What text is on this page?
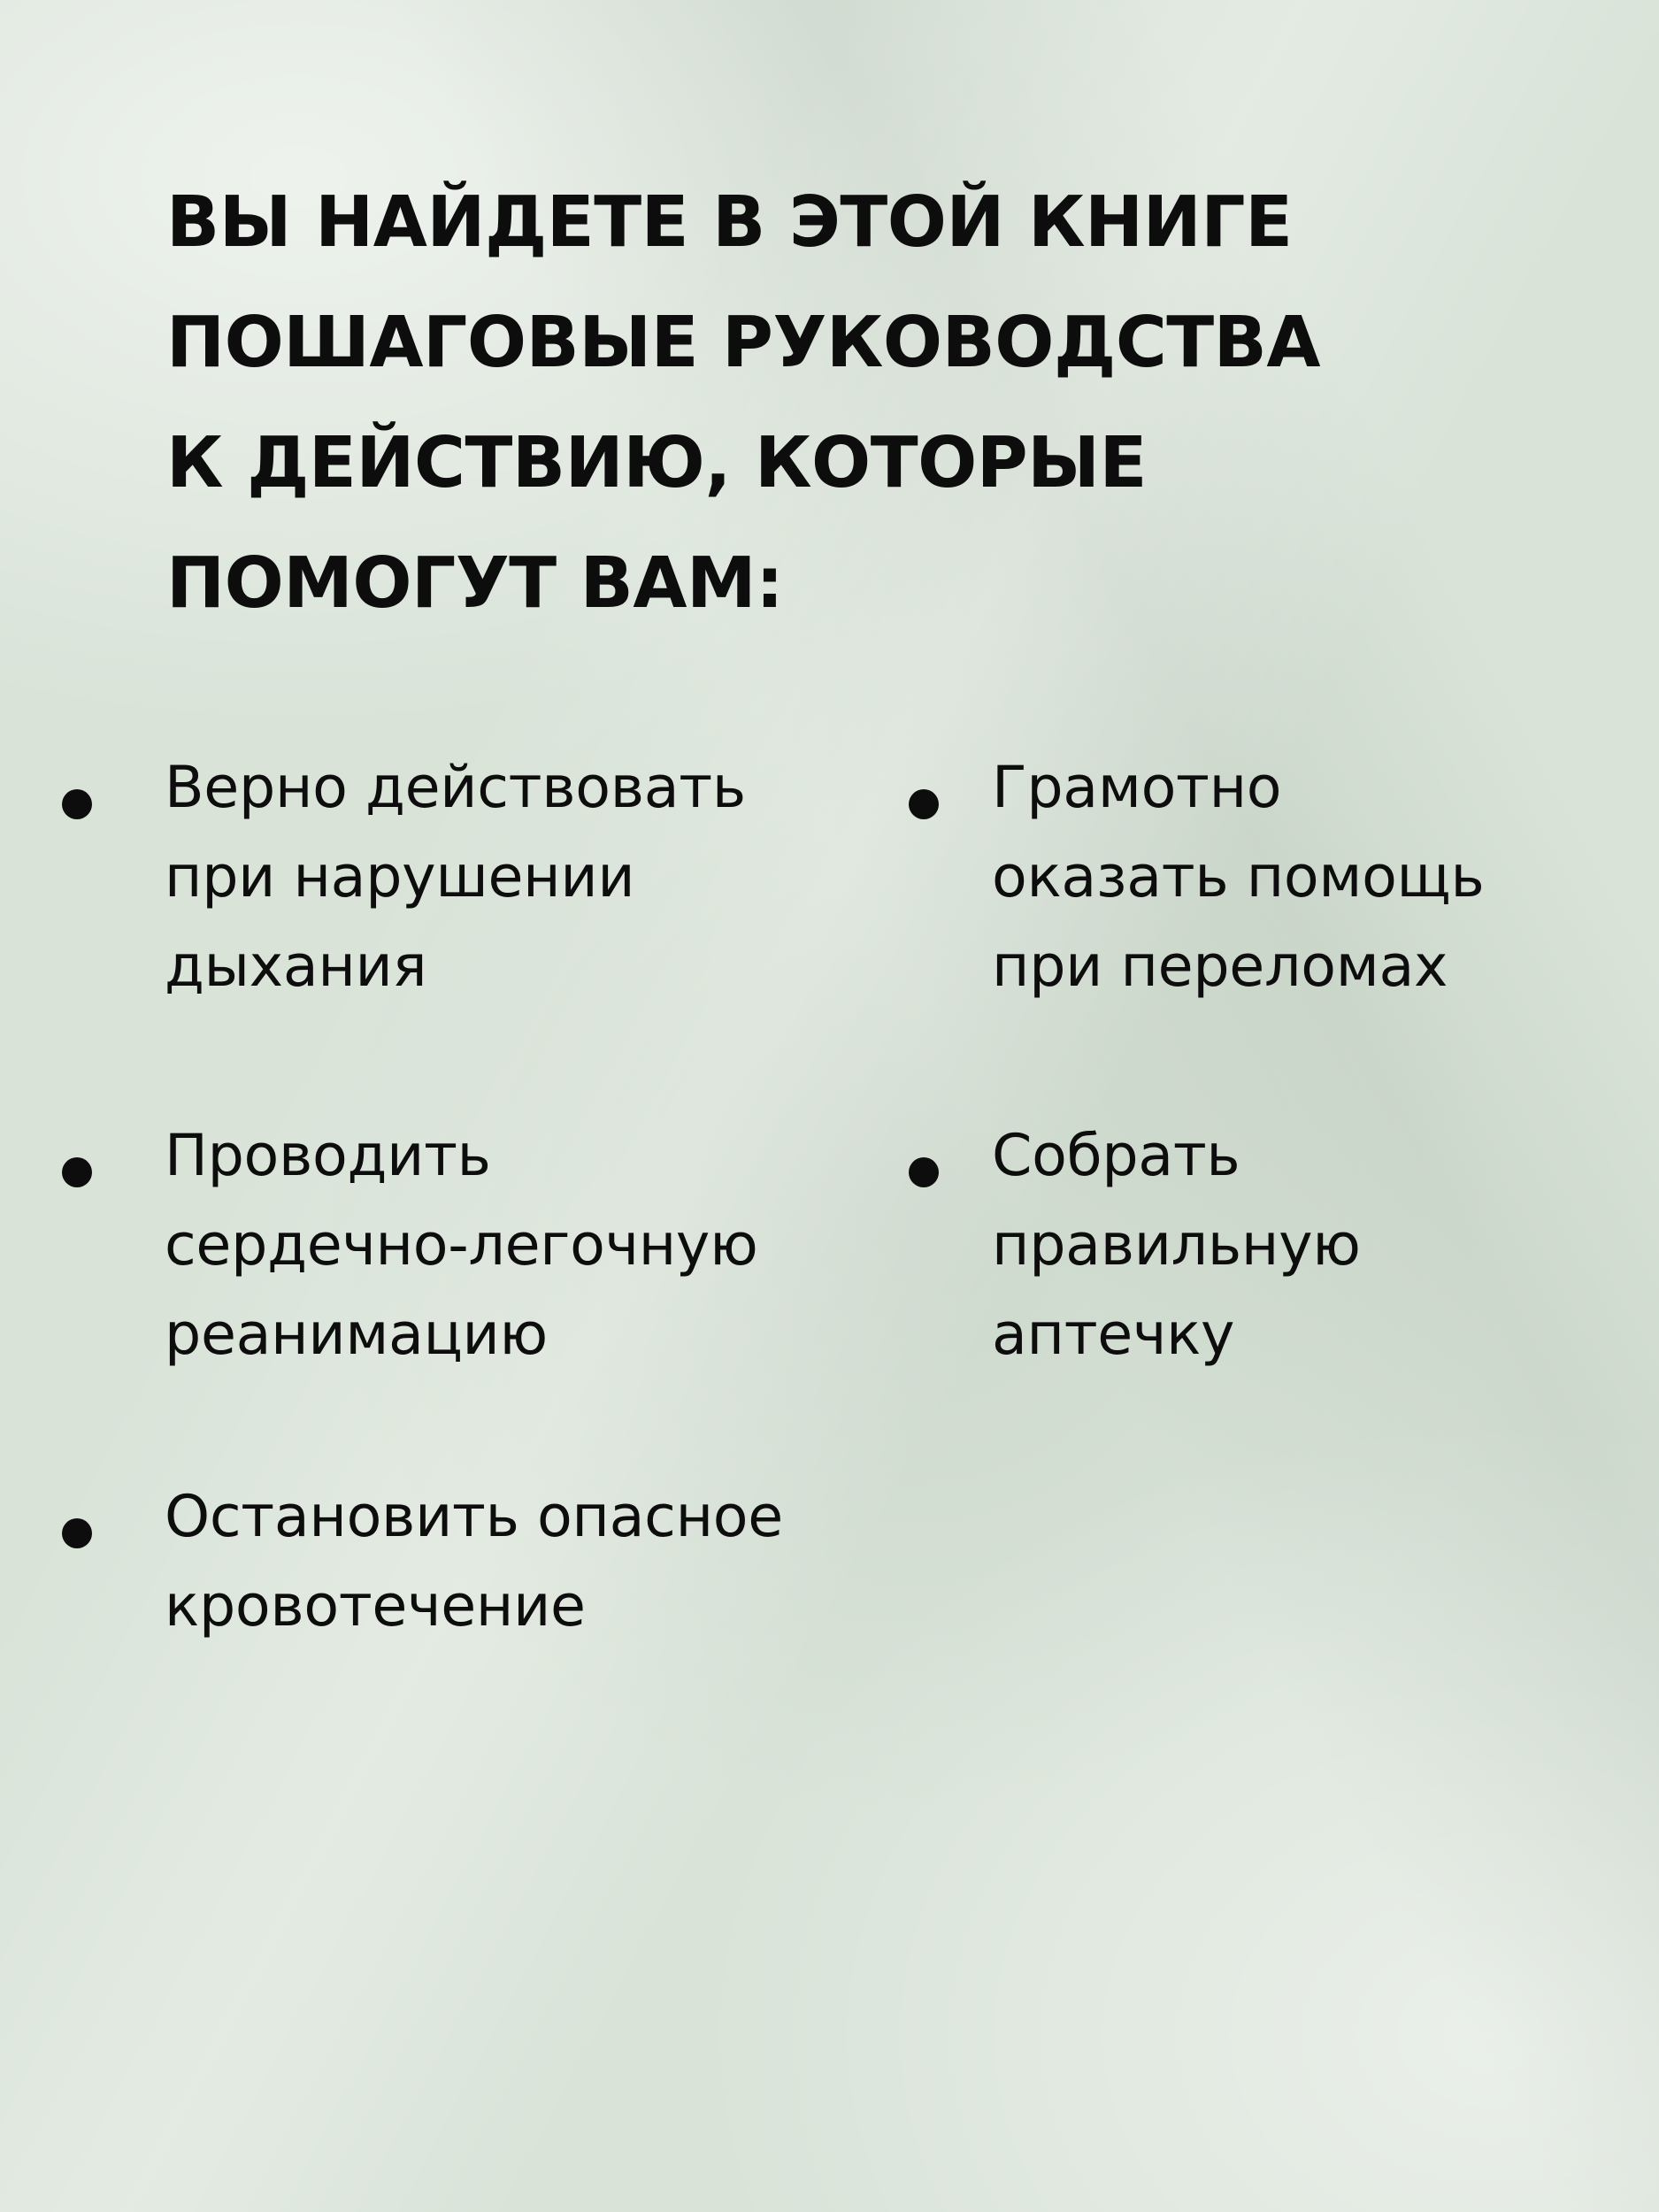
ВЫ НАЙДЕТЕ В ЭТОЙ КНИГЕ
ПОШАГОВЫЕ РУКОВОДСТВА
К ДЕЙСТВИЮ, КОТОРЫЕ
ПОМОГУТ ВАМ:
Верно действовать
при нарушении
дыхания
Грамотно
оказать помощь
при переломах
Проводить
сердечно-легочную
реанимацию
Собрать
правильную
аптечку
Остановить опасное
кровотечение
